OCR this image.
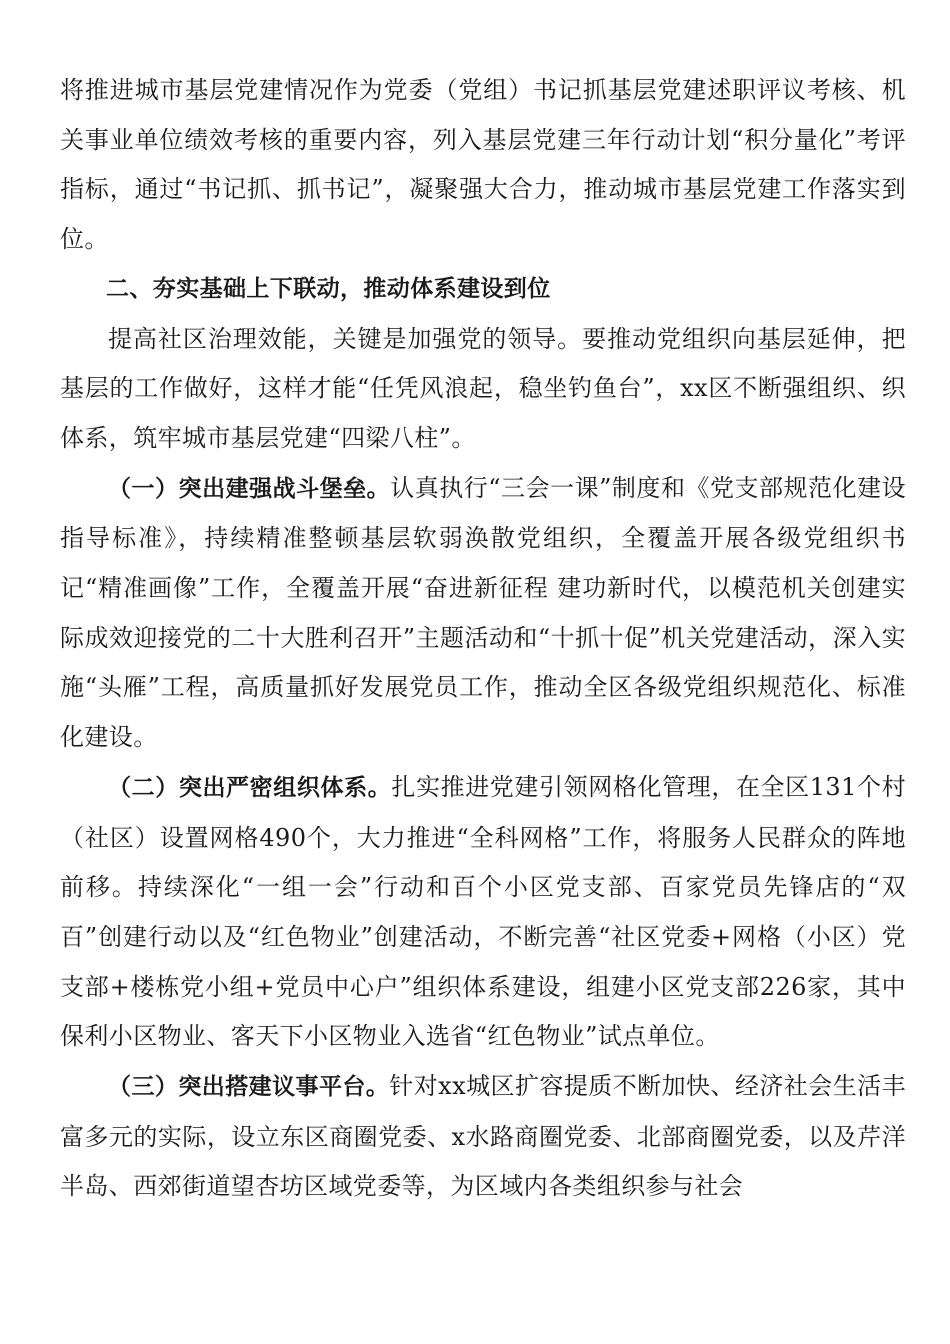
将推进城市基层党建情况作为党委（党组）书记抓基层党建述职评议考核、机关事业单位绩效考核的重要内容，列入基层党建三年行动计划“积分量化”考评指标，通过“书记抓、抓书记”，凝聚强大合力，推动城市基层党建工作落实到位。

二、夯实基础上下联动，推动体系建设到位

提高社区治理效能，关键是加强党的领导。要推动党组织向基层延伸，把基层的工作做好，这样才能“任凭风浪起，稳坐钓鱼台”，xx区不断强组织、织体系，筑牢城市基层党建“四梁八柱”。

（一）突出建强战斗堡垒。认真执行“三会一课”制度和《党支部规范化建设指导标准》，持续精准整顿基层软弱涣散党组织，全覆盖开展各级党组织书记“精准画像”工作，全覆盖开展“奋进新征程 建功新时代，以模范机关创建实际成效迎接党的二十大胜利召开”主题活动和“十抓十促”机关党建活动，深入实施“头雁”工程，高质量抓好发展党员工作，推动全区各级党组织规范化、标准化建设。

（二）突出严密组织体系。扎实推进党建引领网格化管理，在全区131个村（社区）设置网格490个，大力推进“全科网格”工作，将服务人民群众的阵地前移。持续深化“一组一会”行动和百个小区党支部、百家党员先锋店的“双百”创建行动以及“红色物业”创建活动，不断完善“社区党委+网格（小区）党支部+楼栋党小组+党员中心户”组织体系建设，组建小区党支部226家，其中保利小区物业、客天下小区物业入选省“红色物业”试点单位。

（三）突出搭建议事平台。针对xx城区扩容提质不断加快、经济社会生活丰富多元的实际，设立东区商圈党委、x水路商圈党委、北部商圈党委，以及芹洋半岛、西郊街道望杏坊区域党委等，为区域内各类组织参与社会
